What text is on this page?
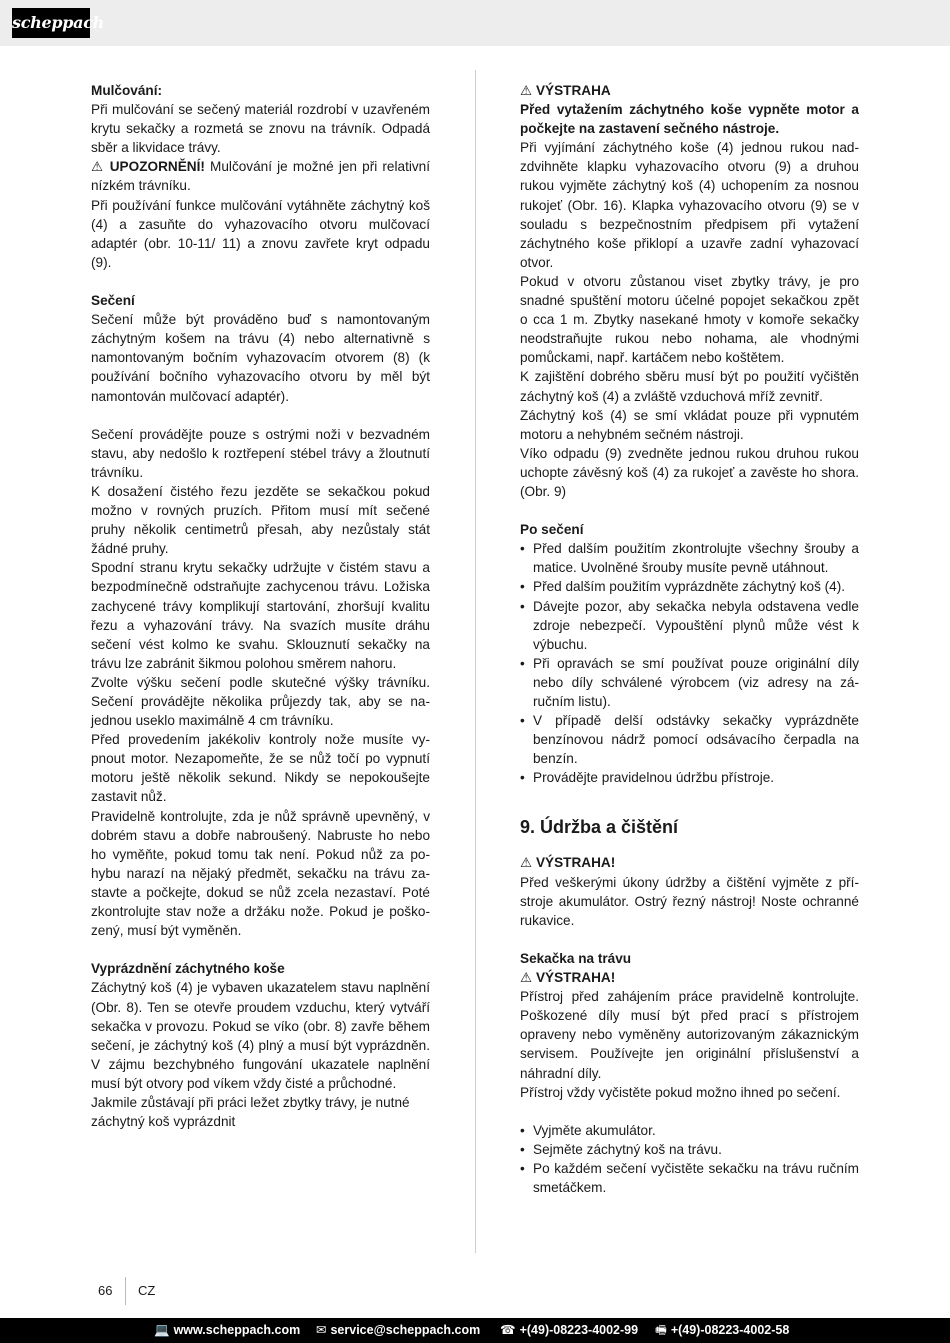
scheppach
Mulčování:
Při mulčování se sečený materiál rozdrobí v uzavřeném krytu sekačky a rozmetá se znovu na trávník. Odpadá sběr a likvidace trávy.
⚠ UPOZORNĚNÍ! Mulčování je možné jen při relativní nízkém trávníku.
Při používání funkce mulčování vytáhněte záchytný koš (4) a zasuňte do vyhazovacího otvoru mulčovací adaptér (obr. 10-11/ 11) a znovu zavřete kryt odpadu (9).
Sečení
Sečení může být prováděno buď s namontovaným záchytným košem na trávu (4) nebo alternativně s namontovaným bočním vyhazovacím otvorem (8) (k používání bočního vyhazovacího otvoru by měl být namontován mulčovací adaptér).
Sečení provádějte pouze s ostrými noži v bezvadném stavu, aby nedošlo k roztřepení stébel trávy a žloutnutí trávníku.
K dosažení čistého řezu jezděte se sekačkou pokud možno v rovných pruzích. Přitom musí mít sečené pruhy několik centimetrů přesah, aby nezůstaly stát žádné pruhy.
Spodní stranu krytu sekačky udržujte v čistém stavu a bezpodmínečně odstraňujte zachycenou trávu. Ložiska zachycené trávy komplikují startování, zhoršují kvalitu řezu a vyhazování trávy. Na svazích musíte dráhu sečení vést kolmo ke svahu. Sklouznutí sekačky na trávu lze zabránit šikmou polohou směrem nahoru.
Zvolte výšku sečení podle skutečné výšky trávníku. Sečení provádějte několika průjezdy tak, aby se najednou useklo maximálně 4 cm trávníku.
Před provedením jakékoliv kontroly nože musíte vypnout motor. Nezapomeňte, že se nůž točí po vypnutí motoru ještě několik sekund. Nikdy se nepokoušejte zastavit nůž.
Pravidelně kontrolujte, zda je nůž správně upevněný, v dobrém stavu a dobře nabroušený. Nabruste ho nebo ho vyměňte, pokud tomu tak není. Pokud nůž za pohybu narazí na nějaký předmět, sekačku na trávu zastavte a počkejte, dokud se nůž zcela nezastaví. Poté zkontrolujte stav nože a držáku nože. Pokud je poškozený, musí být vyměněn.
Vyprázdnění záchytného koše
Záchytný koš (4) je vybaven ukazatelem stavu naplnění (Obr. 8). Ten se otevře proudem vzduchu, který vytváří sekačka v provozu. Pokud se víko (obr. 8) zavře během sečení, je záchytný koš (4) plný a musí být vyprázdněn. V zájmu bezchybného fungování ukazatele naplnění musí být otvory pod víkem vždy čisté a průchodné.
Jakmile zůstávají při práci ležet zbytky trávy, je nutné záchytný koš vyprázdnit
⚠ VÝSTRAHA
Před vytažením záchytného koše vypněte motor a počkejte na zastavení sečného nástroje.
Při vyjímání záchytného koše (4) jednou rukou nadzdvihněte klapku vyhazovacího otvoru (9) a druhou rukou vyjměte záchytný koš (4) uchopením za nosnou rukojeť (Obr. 16). Klapka vyhazovacího otvoru (9) se v souladu s bezpečnostním předpisem při vytažení záchytného koše přiklopí a uzavře zadní vyhazovací otvor.
Pokud v otvoru zůstanou viset zbytky trávy, je pro snadné spuštění motoru účelné popojet sekačkou zpět o cca 1 m. Zbytky nasekané hmoty v komoře sekačky neodstraňujte rukou nebo nohama, ale vhodnými pomůckami, např. kartáčem nebo koštětem.
K zajištění dobrého sběru musí být po použití vyčištěn záchytný koš (4) a zvláště vzduchová mříž zevnitř.
Záchytný koš (4) se smí vkládat pouze při vypnutém motoru a nehybném sečném nástroji.
Víko odpadu (9) zvedněte jednou rukou druhou rukou uchopte závěsný koš (4) za rukojeť a zavěste ho shora. (Obr. 9)
Po sečení
• Před dalším použitím zkontrolujte všechny šrouby a matice. Uvolněné šrouby musíte pevně utáhnout.
• Před dalším použitím vyprázdněte záchytný koš (4).
• Dávejte pozor, aby sekačka nebyla odstavena vedle zdroje nebezpečí. Vypouštění plynů může vést k výbuchu.
• Při opravách se smí používat pouze originální díly nebo díly schválené výrobcem (viz adresy na záručním listu).
• V případě delší odstávky sekačky vyprázdněte benzínovou nádrž pomocí odsávacího čerpadla na benzín.
• Provádějte pravidelnou údržbu přístroje.
9. Údržba a čištění
⚠ VÝSTRAHA!
Před veškerými úkony údržby a čištění vyjměte z přístroje akumulátor. Ostrý řezný nástroj! Noste ochranné rukavice.
Sekačka na trávu
⚠ VÝSTRAHA!
Přístroj před zahájením práce pravidelně kontrolujte. Poškozené díly musí být před prací s přístrojem opraveny nebo vyměněny autorizovaným zákaznickým servisem. Používejte jen originální příslušenství a náhradní díly.
Přístroj vždy vyčistěte pokud možno ihned po sečení.
• Vyjměte akumulátor.
• Sejměte záchytný koš na trávu.
• Po každém sečení vyčistěte sekačku na trávu ručním smetáčkem.
66 CZ
💻 www.scheppach.com ✉ service@scheppach.com ☎ +(49)-08223-4002-99 🖷 +(49)-08223-4002-58
